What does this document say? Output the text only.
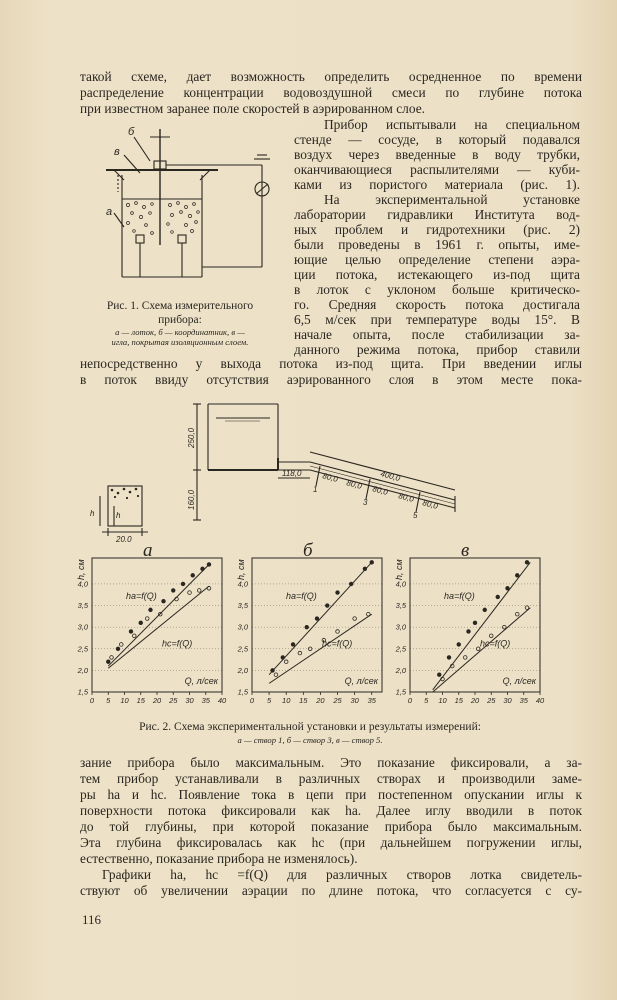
такой схеме, дает возможность определить осредненное по времени
распределение концентрации водовоздушной смеси по глубине потока
при известном заранее поле скоростей в аэрированном слое.
б
в
а
Рис. 1. Схема измерительного
прибора:
а — лоток, б — координатник, в —
игла, покрытая изоляционным слоем.
Прибор испытывали на специальном
стенде — сосуде, в который подавался
воздух через введенные в воду трубки,
оканчивающиеся распылителями — куби-
ками из пористого материала (рис. 1).
На экспериментальной установке
лаборатории гидравлики Института вод-
ных проблем и гидротехники (рис. 2)
были проведены в 1961 г. опыты, име-
ющие целью определение степени аэра-
ции потока, истекающего из-под щита
в лоток с уклоном больше критическо-
го. Средняя скорость потока достигала
6,5 м/сек при температуре воды 15°. В
начале опыта, после стабилизации за-
данного режима потока, прибор ставили
непосредственно у выхода потока из-под щита. При введении иглы
в поток ввиду отсутствия аэрированного слоя в этом месте пока-
250,0
160,0
118,0	400,0
80,0
80,0 80,0
80,0
80,0
20,0
h	h
1
3
5
1,5
2,0
2,5
3,0
3,5
4,0
0 5 10 15 20 25 30 35 40
h, см
Q, л/сек
а
hа=f(Q)
hс=f(Q)
1,5
2,0
2,5
3,0
3,5
4,0
0 5 10 15 20 25 30 35
h, см
Q, л/сек
б
hа=f(Q)
hс=f(Q)
1,5
2,0
2,5
3,0
3,5
4,0
0 5 10 15 20 25 30 35 40
h, см
Q, л/сек
в
hа=f(Q)
hс=f(Q)
Рис. 2. Схема экспериментальной установки и результаты измерений:
а — створ 1, б — створ 3, в — створ 5.
зание прибора было максимальным. Это показание фиксировали, а за-
тем прибор устанавливали в различных створах и производили заме-
ры hа и hс. Появление тока в цепи при постепенном опускании иглы к
поверхности потока фиксировали как hа. Далее иглу вводили в поток
до той глубины, при которой показание прибора было максимальным.
Эта глубина фиксировалась как hс (при дальнейшем погружении иглы,
естественно, показание прибора не изменялось).
Графики hа, hс =f(Q) для различных створов лотка свидетель-
ствуют об увеличении аэрации по длине потока, что согласуется с су-
116
